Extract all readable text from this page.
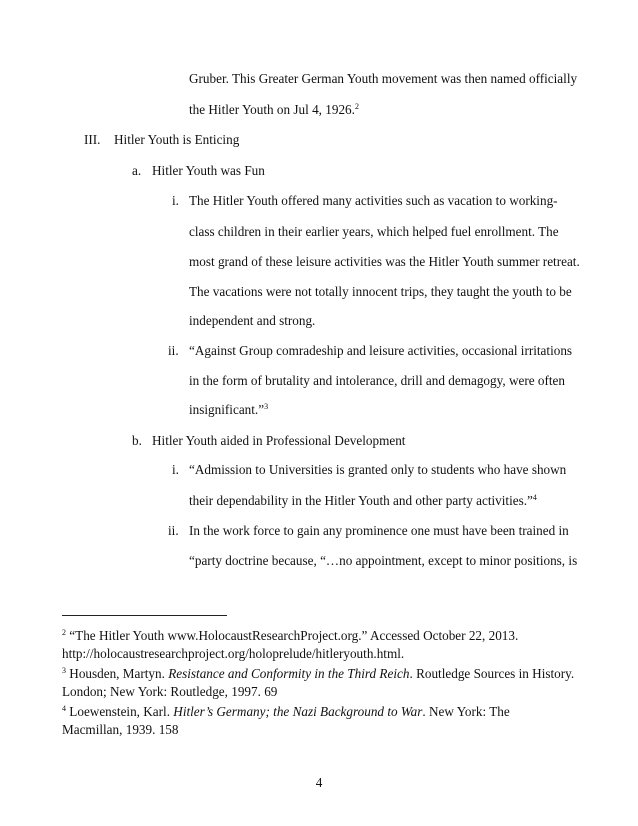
Gruber. This Greater German Youth movement was then named officially
the Hitler Youth on Jul 4, 1926.$^2$
III. Hitler Youth is Enticing
a. Hitler Youth was Fun
i. The Hitler Youth offered many activities such as vacation to working-
class children in their earlier years, which helped fuel enrollment. The
most grand of these leisure activities was the Hitler Youth summer retreat.
The vacations were not totally innocent trips, they taught the youth to be
independent and strong.
ii. “Against Group comradeship and leisure activities, occasional irritations
in the form of brutality and intolerance, drill and demagogy, were often
insignificant.”$^3$
b. Hitler Youth aided in Professional Development
i. “Admission to Universities is granted only to students who have shown
their dependability in the Hitler Youth and other party activities.”$^4$
ii. In the work force to gain any prominence one must have been trained in
“party doctrine because, “…no appointment, except to minor positions, is
$^2$ “The Hitler Youth www.HolocaustResearchProject.org.” Accessed October 22, 2013.
http://holocaustresearchproject.org/holoprelude/hitleryouth.html.
$^3$ Housden, Martyn. Resistance and Conformity in the Third Reich. Routledge Sources in History.
London; New York: Routledge, 1997. 69
$^4$ Loewenstein, Karl. Hitler’s Germany; the Nazi Background to War. New York: The
Macmillan, 1939. 158
4
